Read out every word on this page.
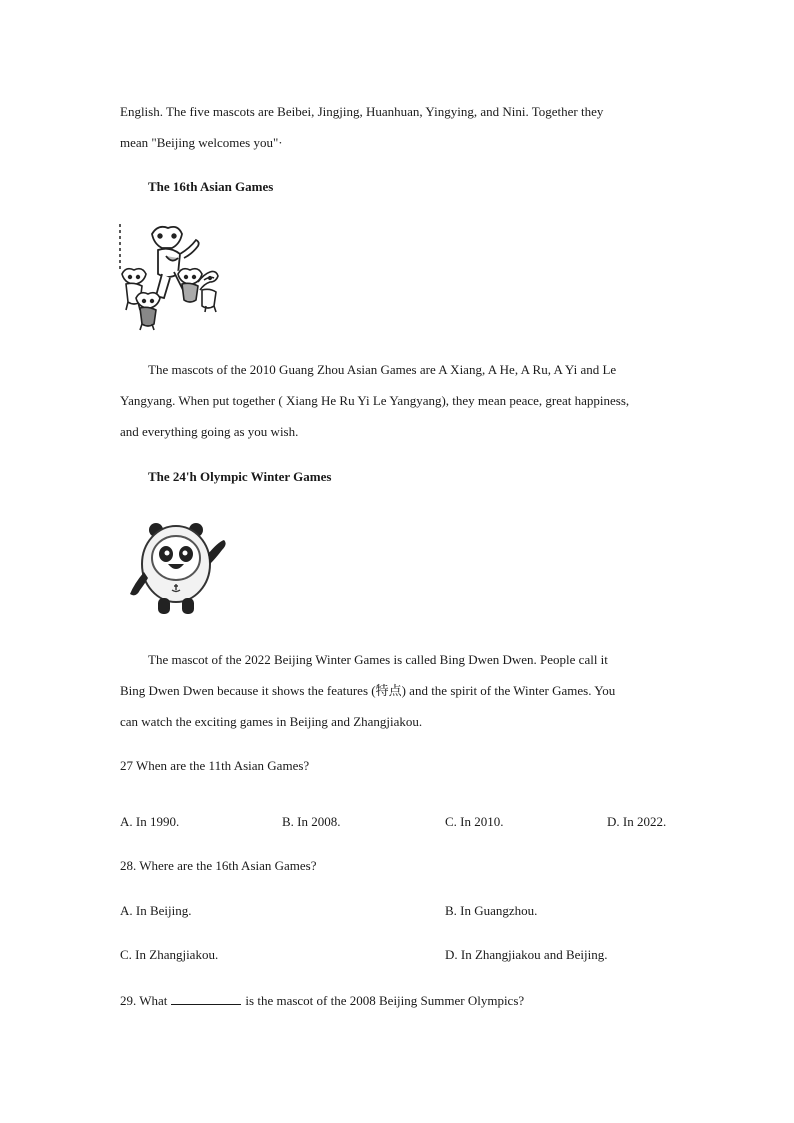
English. The five mascots are Beibei, Jingjing, Huanhuan, Yingying, and Nini. Together they
mean "Beijing welcomes you"·
The 16th Asian Games
The mascots of the 2010 Guang Zhou Asian Games are A Xiang, A He, A Ru, A Yi and Le
Yangyang. When put together ( Xiang He Ru Yi Le Yangyang), they mean peace, great happiness,
and everything going as you wish.
The 24'h Olympic Winter Games
The mascot of the 2022 Beijing Winter Games is called Bing Dwen Dwen. People call it
Bing Dwen Dwen because it shows the features (特点) and the spirit of the Winter Games. You
can watch the exciting games in Beijing and Zhangjiakou.
27 When are the 11th Asian Games?
A. In 1990.	B. In 2008.	C. In 2010.	D. In 2022.
28. Where are the 16th Asian Games?
A. In Beijing.	B. In Guangzhou.
C. In Zhangjiakou.	D. In Zhangjiakou and Beijing.
29. What	is the mascot of the 2008 Beijing Summer Olympics?
